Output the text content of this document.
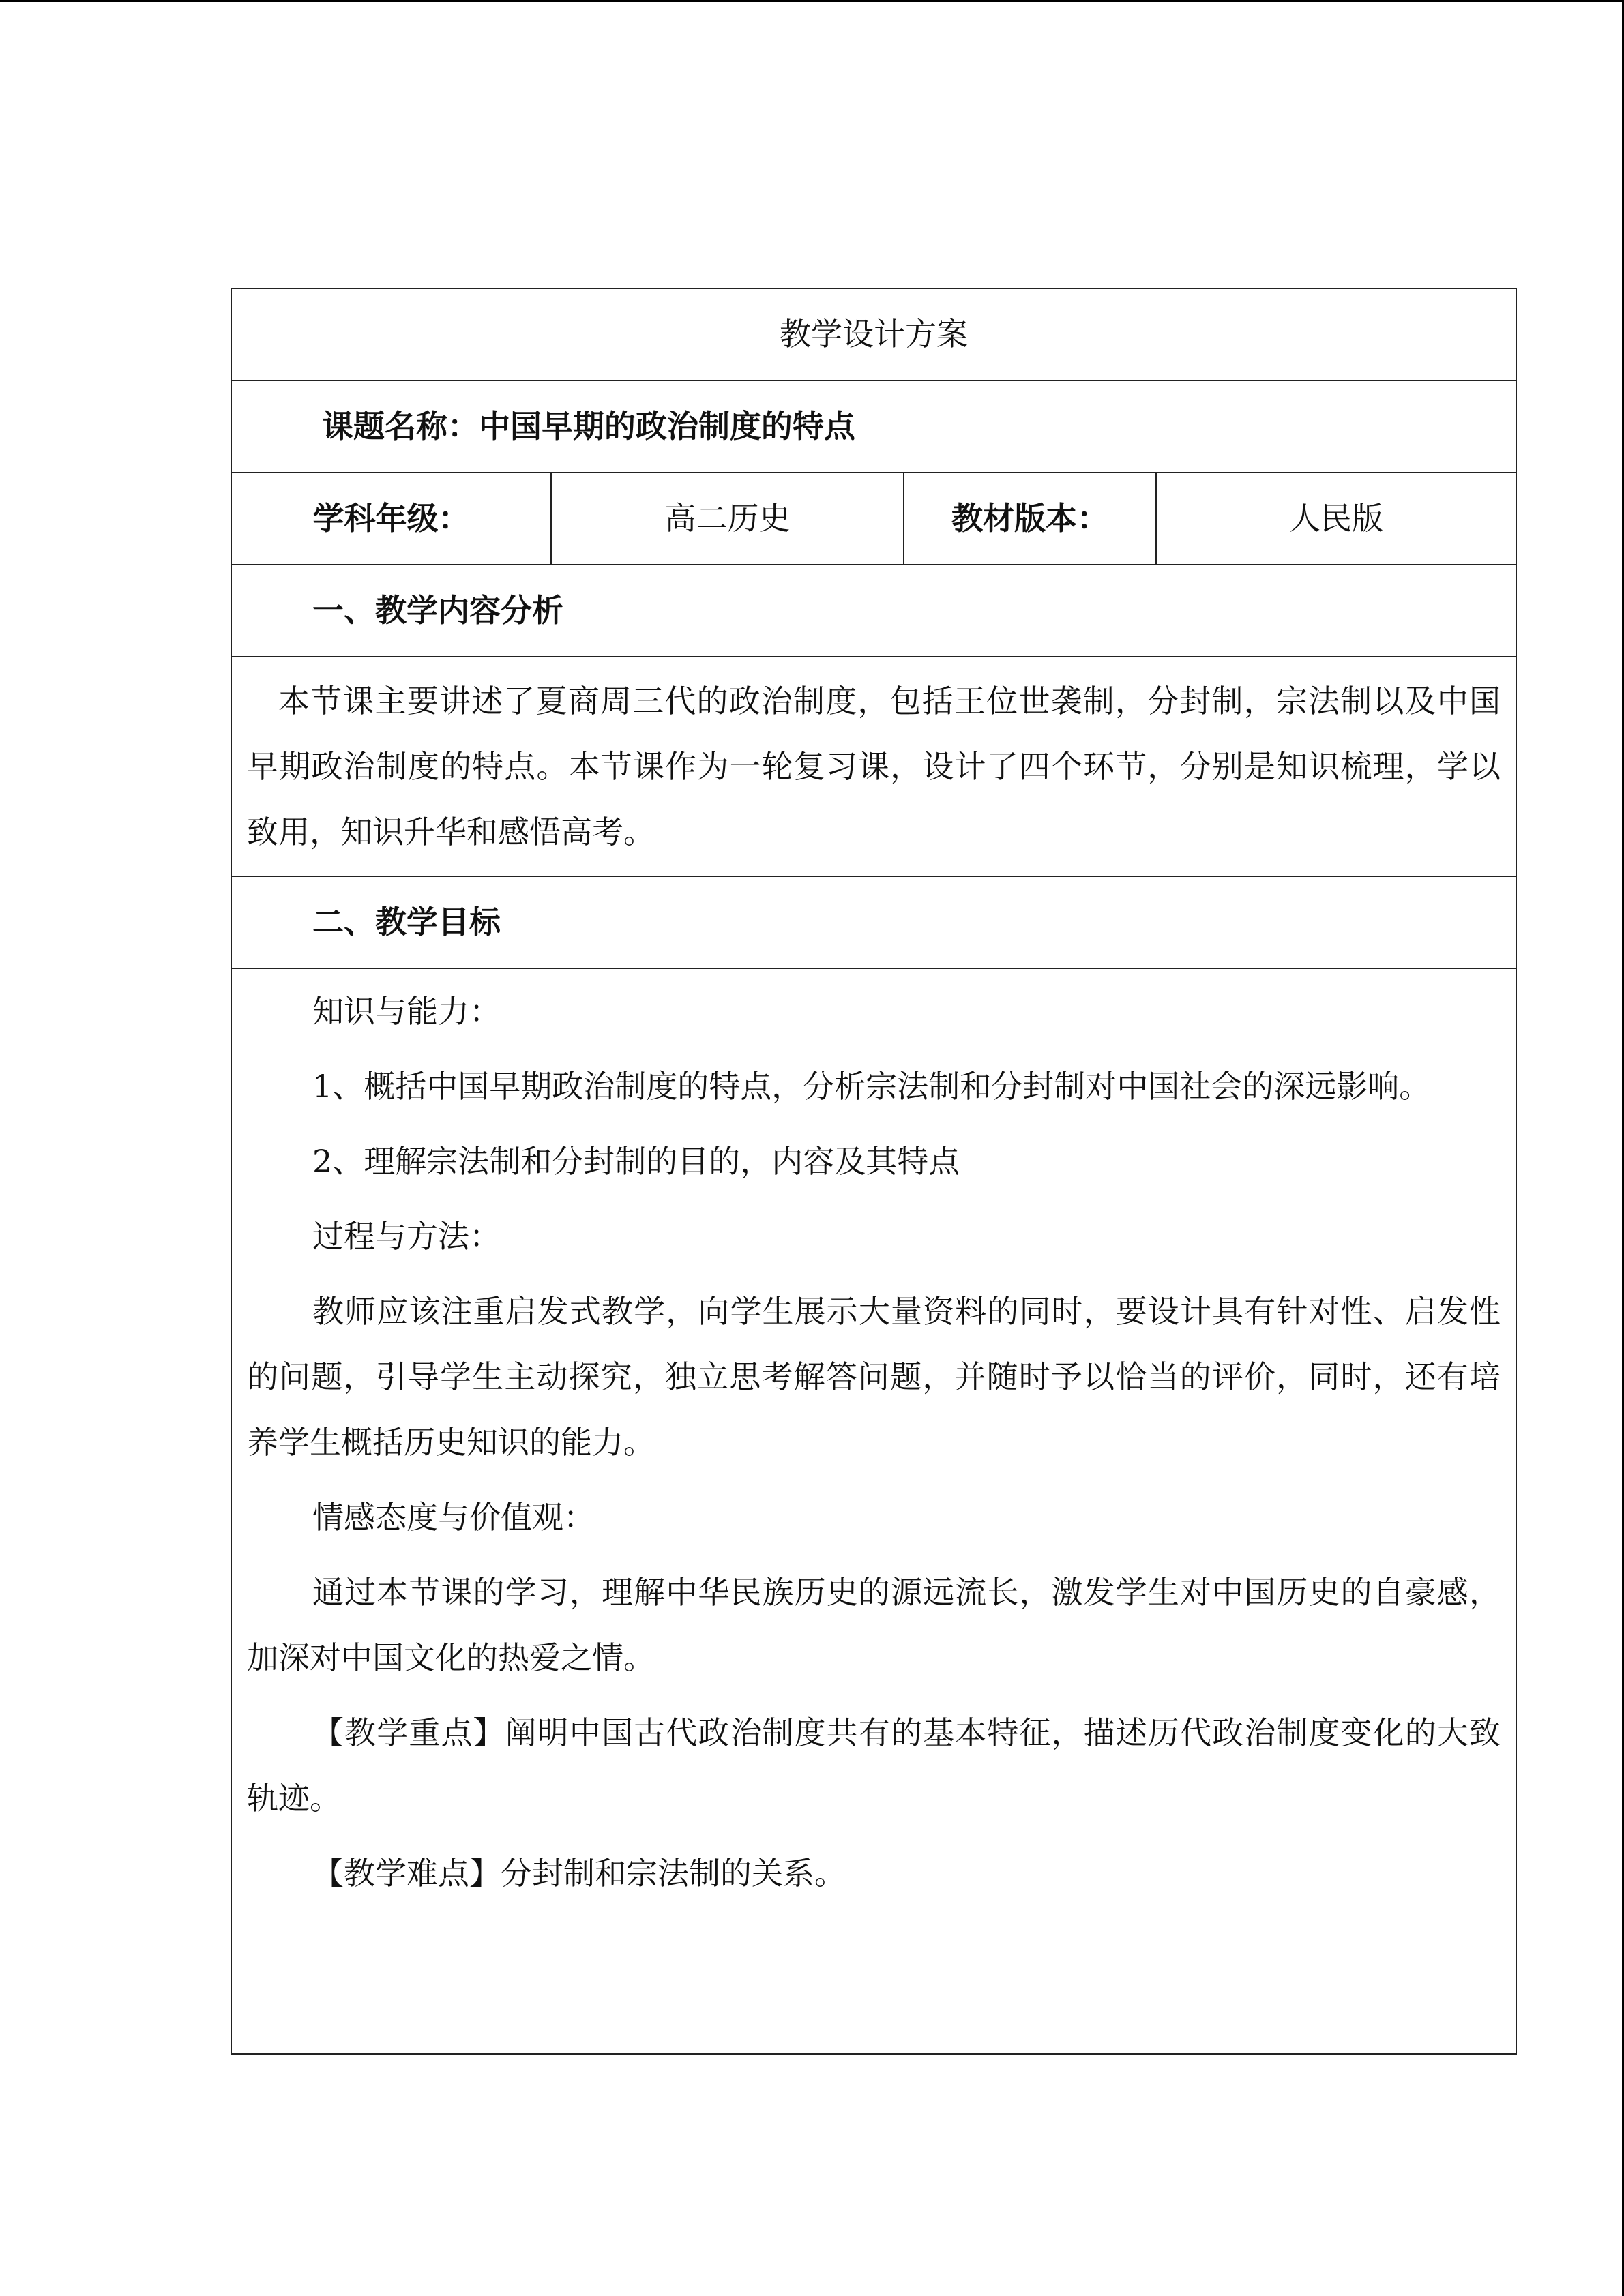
教学设计方案
课题名称：中国早期的政治制度的特点
学科年级：	高二历史	教材版本：	人民版
一、教学内容分析

本节课主要讲述了夏商周三代的政治制度，包括王位世袭制，分封制，宗法制以及中国早期政治制度的特点。本节课作为一轮复习课，设计了四个环节，分别是知识梳理，学以致用，知识升华和感悟高考。

二、教学目标

知识与能力：

1、概括中国早期政治制度的特点，分析宗法制和分封制对中国社会的深远影响。

2、理解宗法制和分封制的目的，内容及其特点

过程与方法：

教师应该注重启发式教学，向学生展示大量资料的同时，要设计具有针对性、启发性的问题，引导学生主动探究，独立思考解答问题，并随时予以恰当的评价，同时，还有培养学生概括历史知识的能力。

情感态度与价值观：

通过本节课的学习，理解中华民族历史的源远流长，激发学生对中国历史的自豪感，加深对中国文化的热爱之情。

【教学重点】阐明中国古代政治制度共有的基本特征，描述历代政治制度变化的大致轨迹。

【教学难点】分封制和宗法制的关系。
